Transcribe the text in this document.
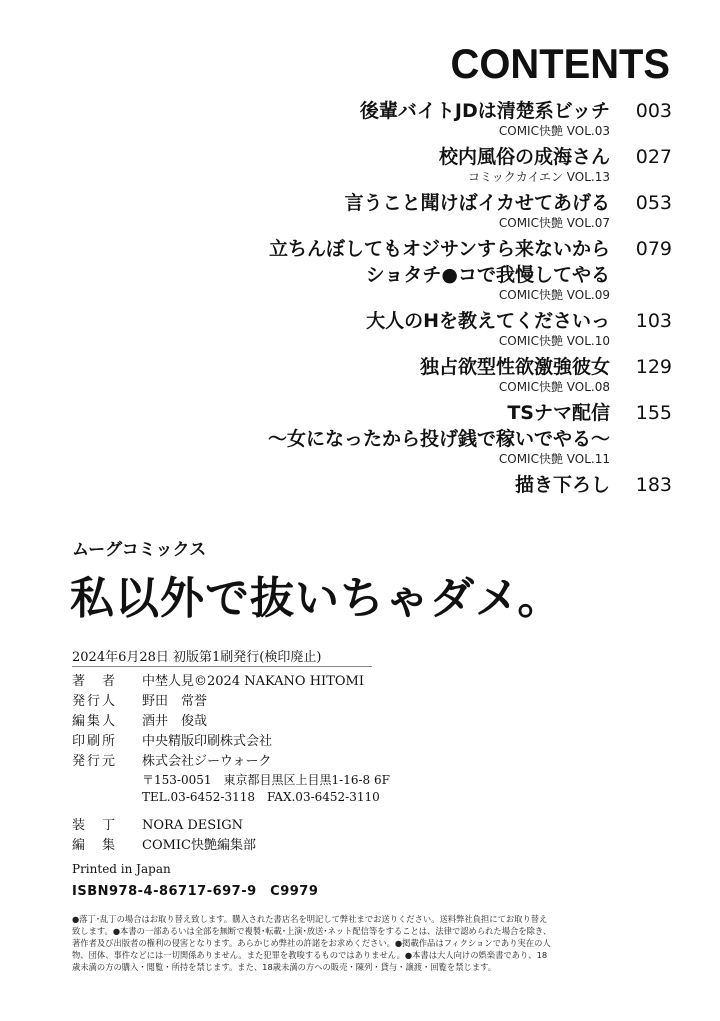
CONTENTS
後輩バイトJDは清楚系ビッチ	003
COMIC快艶 VOL.03
校内風俗の成海さん	027
コミックカイエン VOL.13
言うこと聞けばイカせてあげる	053
COMIC快艶 VOL.07
立ちんぼしてもオジサンすら来ないから
ショタチ●コで我慢してやる
079
COMIC快艶 VOL.09
大人のHを教えてくださいっ	103
COMIC快艶 VOL.10
独占欲型性欲激強彼女	129
COMIC快艶 VOL.08
TSナマ配信
〜女になったから投げ銭で稼いでやる〜
155
COMIC快艶 VOL.11
描き下ろし	183
ムーグコミックス
私以外で抜いちゃダメ。
2024年6月28日 初版第1刷発行(検印廃止)
著　者 中埜人見©2024 NAKANO HITOMI
発行人 野田　常誉
編集人 酒井　俊哉
印刷所 中央精版印刷株式会社
発行元 株式会社ジーウォーク
〒153-0051　東京都目黒区上目黒1-16-8 6F
TEL.03-6452-3118　FAX.03-6452-3110
装　丁 NORA DESIGN
編　集 COMIC快艶編集部
Printed in Japan
ISBN978-4-86717-697-9　C9979

●落丁･乱丁の場合はお取り替え致します。購入された書店名を明記して弊社までお送りください。送料弊社負担にてお取り替え致します。●本書の一部あるいは全部を無断で複製･転載･上演･放送･ネット配信等をすることは、法律で認められた場合を除き、著作者及び出版者の権利の侵害となります。あらかじめ弊社の許諾をお求めください。●掲載作品はフィクションであり実在の人物、団体、事件などには一切関係ありません。また犯罪を教唆するものではありません。●本書は大人向けの娯楽書であり、18歳未満の方の購入・閲覧・所持を禁じます。また、18歳未満の方への販売・陳列・貸与・譲渡・回覧を禁じます。
